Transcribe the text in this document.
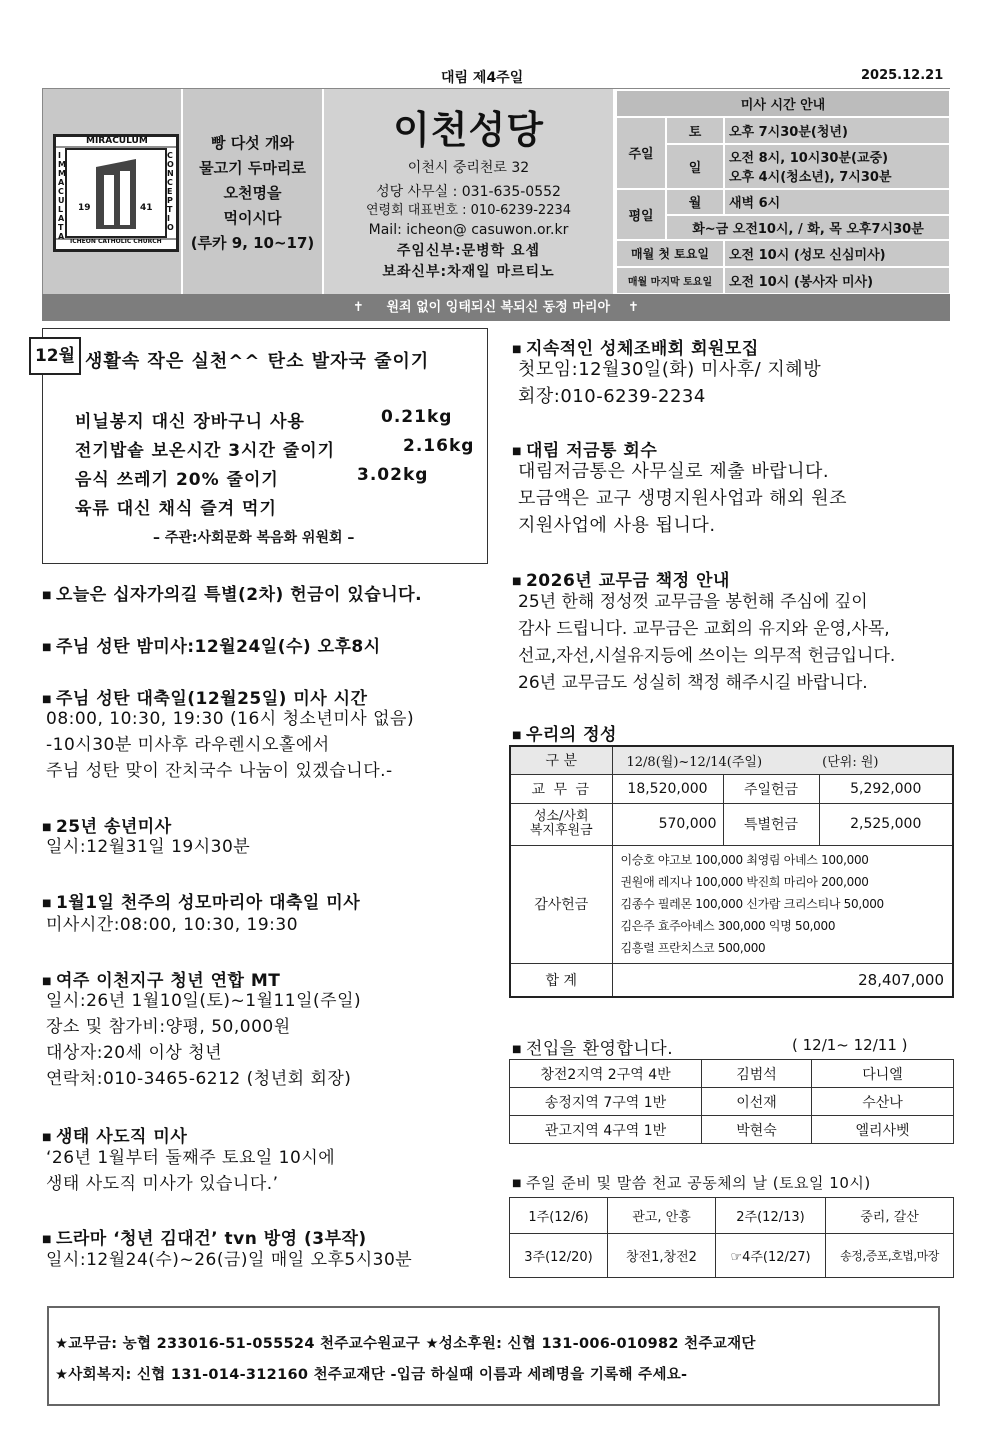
대림 제4주일	2025.12.21
MIRACULUM
IMMACULATA
CONCEPTIO
19	41
ICHEON CATHOLIC CHURCH
빵 다섯 개와
물고기 두마리로
오천명을
먹이시다
(루카 9, 10~17)
이천성당
이천시 중리천로 32
성당 사무실 : 031-635-0552
연령회 대표번호 : 010-6239-2234
Mail: icheon@ casuwon.or.kr
주임신부:문병학 요셉
보좌신부:차재일 마르티노
미사 시간 안내		
주일	토	오후 7시30분(청년)
	일	오전 8시, 10시30분(교중)
오후 4시(청소년), 7시30분

평일	월	새벽 6시
	화~금 오전10시, / 화, 목 오후7시30분	
매월 첫 토요일		오전 10시 (성모 신심미사)
매월 마지막 토요일		오전 10시 (봉사자 미사)
✝ 원죄 없이 잉태되신 복되신 동정 마리아 ✝
생활속 작은 실천^^ 탄소 발자국 줄이기
비닐봉지 대신 장바구니 사용	0.21kg
전기밥솥 보온시간 3시간 줄이기	2.16kg
음식 쓰레기 20% 줄이기	3.02kg
육류 대신 채식 즐겨 먹기
– 주관:사회문화 복음화 위원회 –
12월
■ 오늘은 십자가의길 특별(2차) 헌금이 있습니다.
■ 주님 성탄 밤미사:12월24일(수) 오후8시
■ 주님 성탄 대축일(12월25일) 미사 시간
08:00, 10:30, 19:30 (16시 청소년미사 없음)
-10시30분 미사후 라우렌시오홀에서
주님 성탄 맞이 잔치국수 나눔이 있겠습니다.-
■ 25년 송년미사
일시:12월31일 19시30분
■ 1월1일 천주의 성모마리아 대축일 미사
미사시간:08:00, 10:30, 19:30
■ 여주 이천지구 청년 연합 MT
일시:26년 1월10일(토)~1월11일(주일)
장소 및 참가비:양평, 50,000원
대상자:20세 이상 청년
연락처:010-3465-6212 (청년회 회장)
■ 생태 사도직 미사
‘26년 1월부터 둘째주 토요일 10시에
생태 사도직 미사가 있습니다.’
■ 드라마 ‘청년 김대건’ tvn 방영 (3부작)
일시:12월24(수)~26(금)일 매일 오후5시30분
■ 지속적인 성체조배회 회원모집
첫모임:12월30일(화) 미사후/ 지혜방
회장:010-6239-2234
■ 대림 저금통 회수
대림저금통은 사무실로 제출 바랍니다.
모금액은 교구 생명지원사업과 해외 원조
지원사업에 사용 됩니다.
■ 2026년 교무금 책정 안내
25년 한해 정성껏 교무금을 봉헌해 주심에 깊이
감사 드립니다. 교무금은 교회의 유지와 운영,사목,
선교,자선,시설유지등에 쓰이는 의무적 헌금입니다.
26년 교무금도 성실히 책정 해주시길 바랍니다.
■ 우리의 정성
구 분	12/8(월)~12/14(주일) (단위: 원)		
교 무 금	18,520,000	주일헌금	5,292,000
성소/사회
복지후원금	570,000	특별헌금	2,525,000
감사헌금	이승호 야고보 100,000 최영림 아녜스 100,000
권원애 레지나 100,000 박진희 마리아 200,000
김종수 필레몬 100,000 신가람 크리스티나 50,000
김은주 효주아녜스 300,000 익명 50,000
김흥렬 프란치스코 500,000		

합 계	28,407,000		
■ 전입을 환영합니다.	( 12/1~ 12/11 )
창전2지역 2구역 4반	김범석	다니엘
송정지역 7구역 1반	이선재	수산나
관고지역 4구역 1반	박현숙	엘리사벳
■ 주일 준비 및 말씀 천교 공동체의 날 (토요일 10시)
1주(12/6)	관고, 안흥	2주(12/13)	중리, 갈산
3주(12/20)	창전1,창전2	☞4주(12/27)	송정,증포,호법,마장
★교무금: 농협 233016-51-055524 천주교수원교구 ★성소후원: 신협 131-006-010982 천주교재단
★사회복지: 신협 131-014-312160 천주교재단 -입금 하실때 이름과 세례명을 기록해 주세요-
